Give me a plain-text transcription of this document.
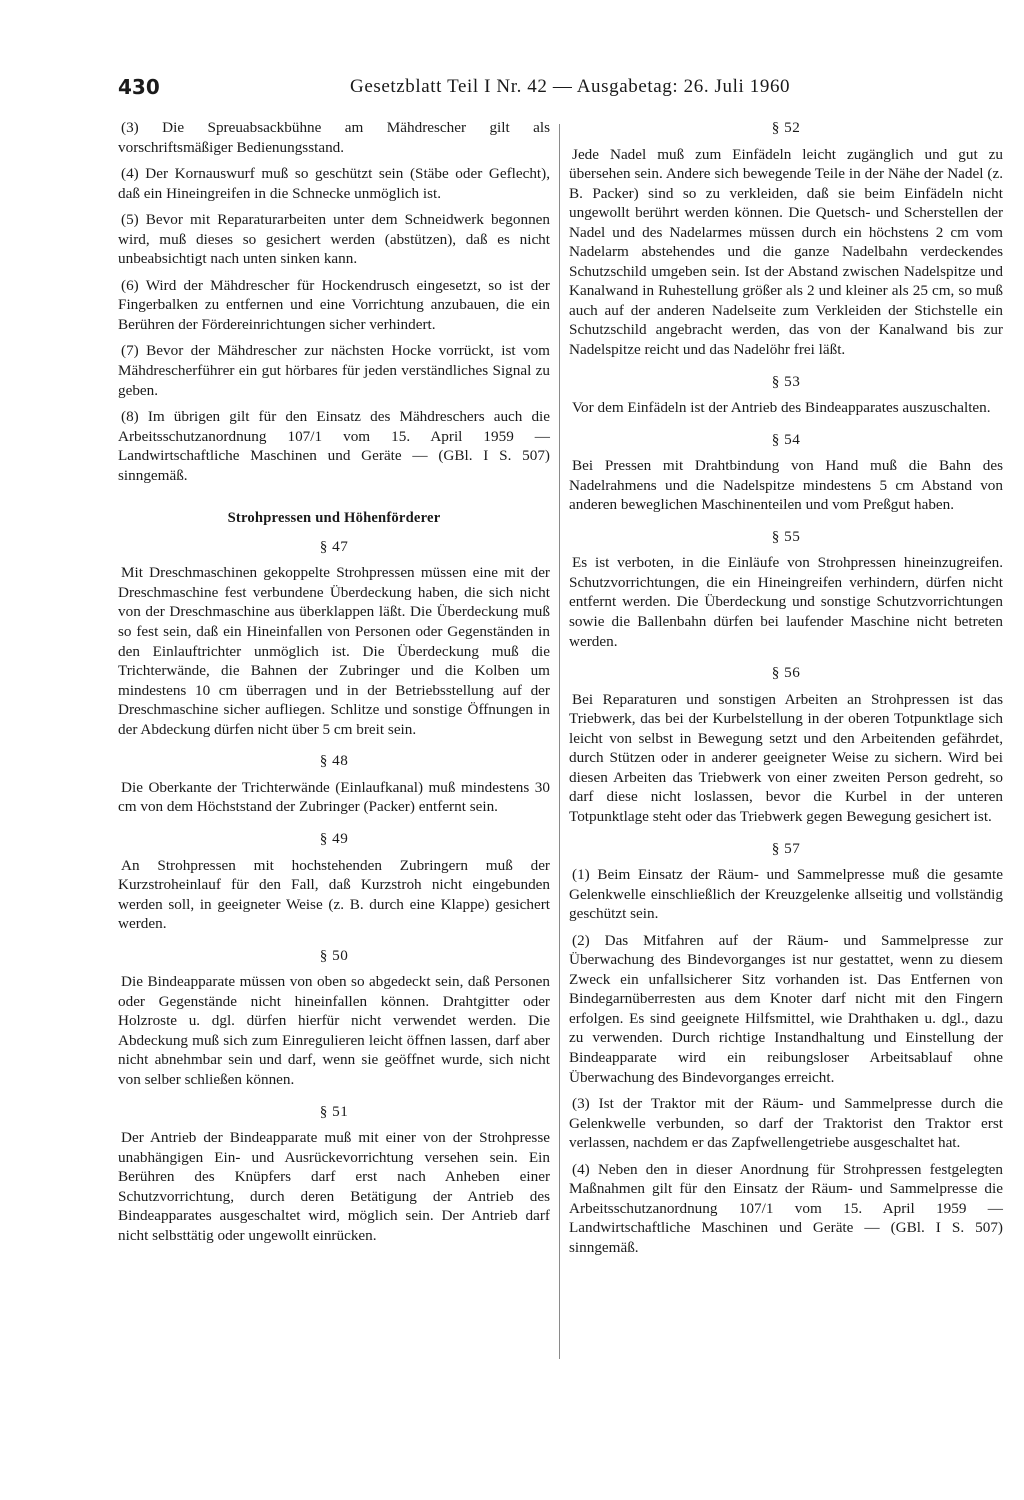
430	Gesetzblatt Teil I Nr. 42 — Ausgabetag: 26. Juli 1960

(3) Die Spreuabsackbühne am Mähdrescher gilt als vorschriftsmäßiger Bedienungsstand.

(4) Der Kornauswurf muß so geschützt sein (Stäbe oder Geflecht), daß ein Hineingreifen in die Schnecke unmöglich ist.

(5) Bevor mit Reparaturarbeiten unter dem Schneidwerk begonnen wird, muß dieses so gesichert werden (abstützen), daß es nicht unbeabsichtigt nach unten sinken kann.

(6) Wird der Mähdrescher für Hockendrusch eingesetzt, so ist der Fingerbalken zu entfernen und eine Vorrichtung anzubauen, die ein Berühren der Fördereinrichtungen sicher verhindert.

(7) Bevor der Mähdrescher zur nächsten Hocke vorrückt, ist vom Mähdrescherführer ein gut hörbares für jeden verständliches Signal zu geben.

(8) Im übrigen gilt für den Einsatz des Mähdreschers auch die Arbeitsschutzanordnung 107/1 vom 15. April 1959 — Landwirtschaftliche Maschinen und Geräte — (GBl. I S. 507) sinngemäß.

Strohpressen und Höhenförderer

§ 47

Mit Dreschmaschinen gekoppelte Strohpressen müssen eine mit der Dreschmaschine fest verbundene Überdeckung haben, die sich nicht von der Dreschmaschine aus überklappen läßt. Die Überdeckung muß so fest sein, daß ein Hineinfallen von Personen oder Gegenständen in den Einlauftrichter unmöglich ist. Die Überdeckung muß die Trichterwände, die Bahnen der Zubringer und die Kolben um mindestens 10 cm überragen und in der Betriebsstellung auf der Dreschmaschine sicher aufliegen. Schlitze und sonstige Öffnungen in der Abdeckung dürfen nicht über 5 cm breit sein.

§ 48

Die Oberkante der Trichterwände (Einlaufkanal) muß mindestens 30 cm von dem Höchststand der Zubringer (Packer) entfernt sein.

§ 49

An Strohpressen mit hochstehenden Zubringern muß der Kurzstroheinlauf für den Fall, daß Kurzstroh nicht eingebunden werden soll, in geeigneter Weise (z. B. durch eine Klappe) gesichert werden.

§ 50

Die Bindeapparate müssen von oben so abgedeckt sein, daß Personen oder Gegenstände nicht hineinfallen können. Drahtgitter oder Holzroste u. dgl. dürfen hierfür nicht verwendet werden. Die Abdeckung muß sich zum Einregulieren leicht öffnen lassen, darf aber nicht abnehmbar sein und darf, wenn sie geöffnet wurde, sich nicht von selber schließen können.

§ 51

Der Antrieb der Bindeapparate muß mit einer von der Strohpresse unabhängigen Ein- und Ausrückevorrichtung versehen sein. Ein Berühren des Knüpfers darf erst nach Anheben einer Schutzvorrichtung, durch deren Betätigung der Antrieb des Bindeapparates ausgeschaltet wird, möglich sein. Der Antrieb darf nicht selbsttätig oder ungewollt einrücken.

§ 52

Jede Nadel muß zum Einfädeln leicht zugänglich und gut zu übersehen sein. Andere sich bewegende Teile in der Nähe der Nadel (z. B. Packer) sind so zu verkleiden, daß sie beim Einfädeln nicht ungewollt berührt werden können. Die Quetsch- und Scherstellen der Nadel und des Nadelarmes müssen durch ein höchstens 2 cm vom Nadelarm abstehendes und die ganze Nadelbahn verdeckendes Schutzschild umgeben sein. Ist der Abstand zwischen Nadelspitze und Kanalwand in Ruhestellung größer als 2 und kleiner als 25 cm, so muß auch auf der anderen Nadelseite zum Verkleiden der Stichstelle ein Schutzschild angebracht werden, das von der Kanalwand bis zur Nadelspitze reicht und das Nadelöhr frei läßt.

§ 53

Vor dem Einfädeln ist der Antrieb des Bindeapparates auszuschalten.

§ 54

Bei Pressen mit Drahtbindung von Hand muß die Bahn des Nadelrahmens und die Nadelspitze mindestens 5 cm Abstand von anderen beweglichen Maschinenteilen und vom Preßgut haben.

§ 55

Es ist verboten, in die Einläufe von Strohpressen hineinzugreifen. Schutzvorrichtungen, die ein Hineingreifen verhindern, dürfen nicht entfernt werden. Die Überdeckung und sonstige Schutzvorrichtungen sowie die Ballenbahn dürfen bei laufender Maschine nicht betreten werden.

§ 56

Bei Reparaturen und sonstigen Arbeiten an Strohpressen ist das Triebwerk, das bei der Kurbelstellung in der oberen Totpunktlage sich leicht von selbst in Bewegung setzt und den Arbeitenden gefährdet, durch Stützen oder in anderer geeigneter Weise zu sichern. Wird bei diesen Arbeiten das Triebwerk von einer zweiten Person gedreht, so darf diese nicht loslassen, bevor die Kurbel in der unteren Totpunktlage steht oder das Triebwerk gegen Bewegung gesichert ist.

§ 57

(1) Beim Einsatz der Räum- und Sammelpresse muß die gesamte Gelenkwelle einschließlich der Kreuzgelenke allseitig und vollständig geschützt sein.

(2) Das Mitfahren auf der Räum- und Sammelpresse zur Überwachung des Bindevorganges ist nur gestattet, wenn zu diesem Zweck ein unfallsicherer Sitz vorhanden ist. Das Entfernen von Bindegarnüberresten aus dem Knoter darf nicht mit den Fingern erfolgen. Es sind geeignete Hilfsmittel, wie Drahthaken u. dgl., dazu zu verwenden. Durch richtige Instandhaltung und Einstellung der Bindeapparate wird ein reibungsloser Arbeitsablauf ohne Überwachung des Bindevorganges erreicht.

(3) Ist der Traktor mit der Räum- und Sammelpresse durch die Gelenkwelle verbunden, so darf der Traktorist den Traktor erst verlassen, nachdem er das Zapfwellengetriebe ausgeschaltet hat.

(4) Neben den in dieser Anordnung für Strohpressen festgelegten Maßnahmen gilt für den Einsatz der Räum- und Sammelpresse die Arbeitsschutzanordnung 107/1 vom 15. April 1959 — Landwirtschaftliche Maschinen und Geräte — (GBl. I S. 507) sinngemäß.
